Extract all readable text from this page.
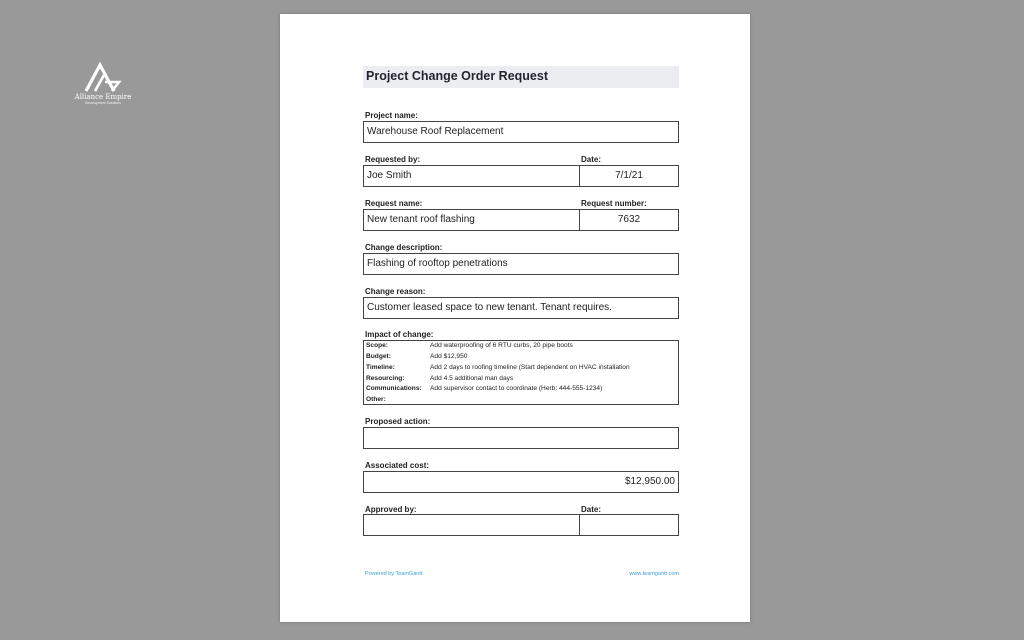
Alliance Empire
Development Solutions
Project Change Order Request
Project name:
Warehouse Roof Replacement
Requested by:	Date:
Joe Smith	7/1/21
Request name:	Request number:
New tenant roof flashing	7632
Change description:
Flashing of rooftop penetrations
Change reason:
Customer leased space to new tenant. Tenant requires.
Impact of change:
Scope:	Add waterproofing of 6 RTU curbs, 20 pipe boots
Budget:	Add $12,950
Timeline:	Add 2 days to roofing timeline (Start dependent on HVAC installation
Resourcing:	Add 4.5 additional man days
Communications: Add supervisor contact to coordinate (Herb: 444-555-1234)
Other:
Proposed action:
Associated cost:
$12,950.00
Approved by:	Date:
Powered by TeamGantt	www.teamgantt.com
